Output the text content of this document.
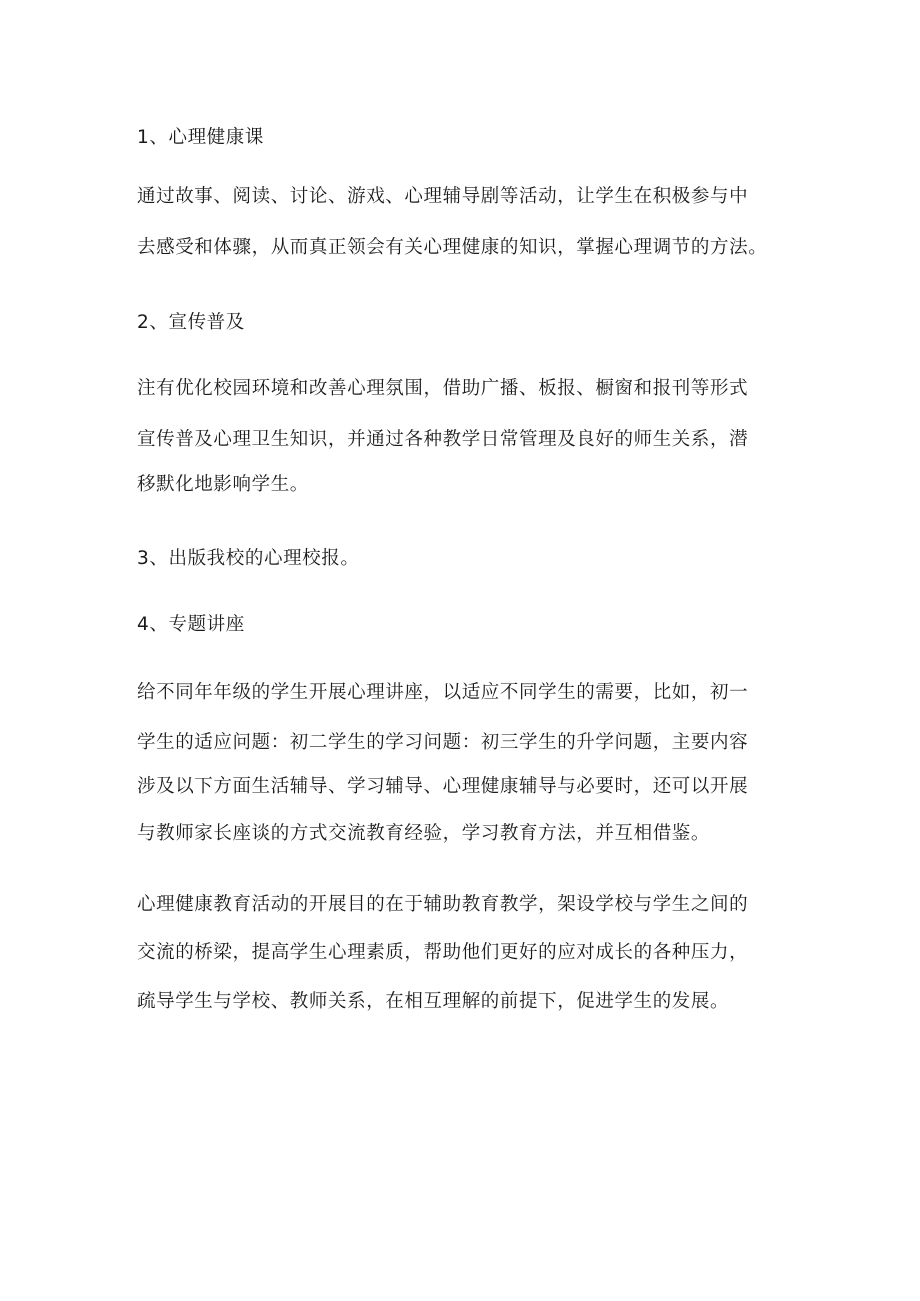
1、心理健康课
通过故事、阅读、讨论、游戏、心理辅导剧等活动，让学生在积极参与中
去感受和体骤，从而真正领会有关心理健康的知识，掌握心理调节的方法。
2、宣传普及
注有优化校园环境和改善心理氛围，借助广播、板报、橱窗和报刊等形式
宣传普及心理卫生知识，并通过各种教学日常管理及良好的师生关系，潜
移默化地影响学生。
3、出版我校的心理校报。
4、专题讲座
给不同年年级的学生开展心理讲座，以适应不同学生的需要，比如，初一
学生的适应问题：初二学生的学习问题：初三学生的升学问题，主要内容
涉及以下方面生活辅导、学习辅导、心理健康辅导与必要时，还可以开展
与教师家长座谈的方式交流教育经验，学习教育方法，并互相借鉴。
心理健康教育活动的开展目的在于辅助教育教学，架设学校与学生之间的
交流的桥梁，提高学生心理素质，帮助他们更好的应对成长的各种压力，
疏导学生与学校、教师关系，在相互理解的前提下，促进学生的发展。
